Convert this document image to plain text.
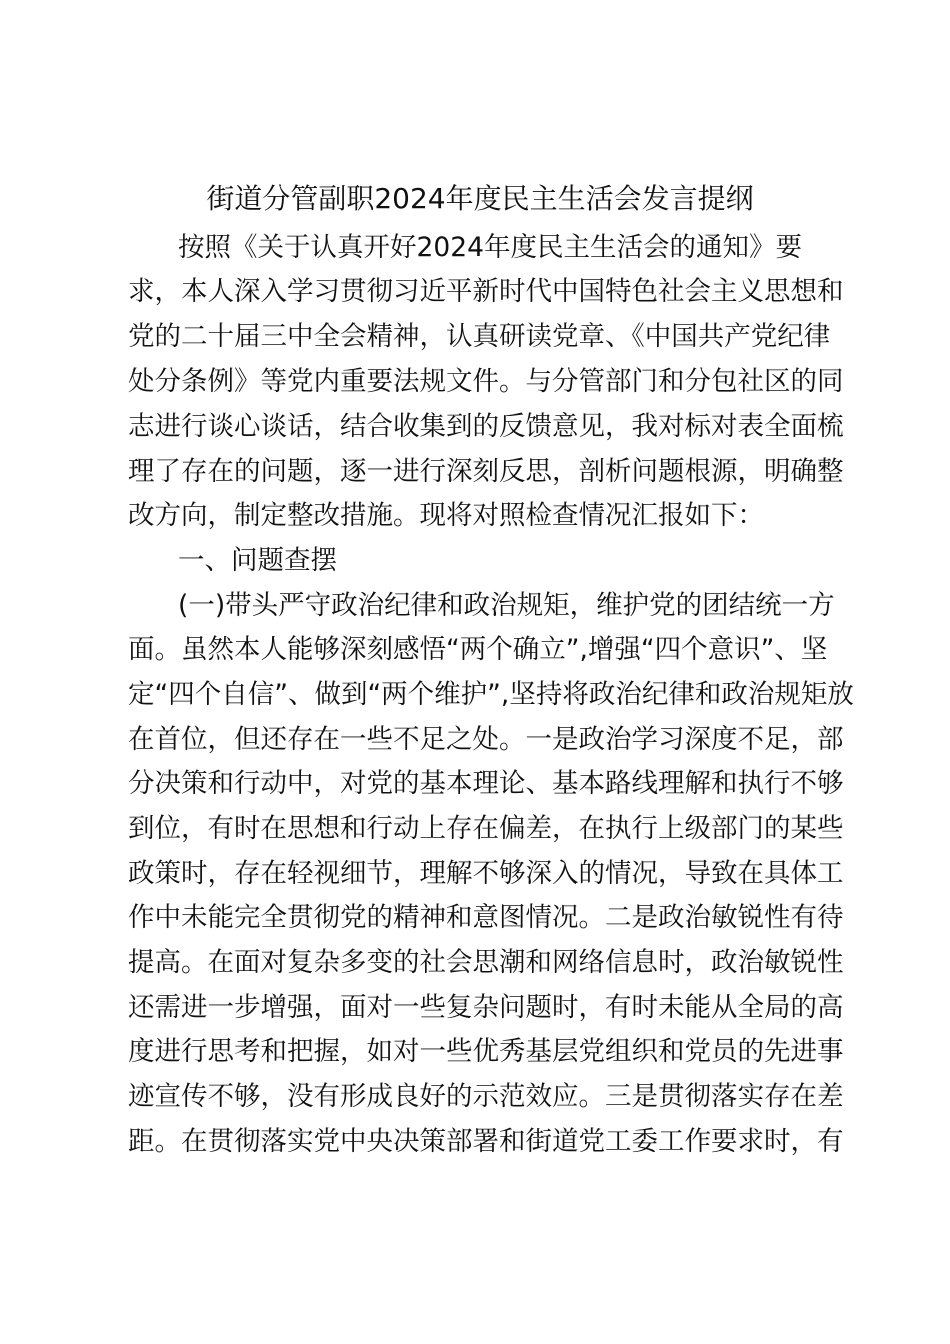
街道分管副职2024年度民主生活会发言提纲
按照《关于认真开好2024年度民主生活会的通知》要
求，本人深入学习贯彻习近平新时代中国特色社会主义思想和
党的二十届三中全会精神，认真研读党章、《中国共产党纪律
处分条例》等党内重要法规文件。与分管部门和分包社区的同
志进行谈心谈话，结合收集到的反馈意见，我对标对表全面梳
理了存在的问题，逐一进行深刻反思，剖析问题根源，明确整
改方向，制定整改措施。现将对照检查情况汇报如下：
一、问题查摆
(一)带头严守政治纪律和政治规矩，维护党的团结统一方
面。虽然本人能够深刻感悟“两个确立”,增强“四个意识”、坚
定“四个自信”、做到“两个维护”,坚持将政治纪律和政治规矩放
在首位，但还存在一些不足之处。一是政治学习深度不足，部
分决策和行动中，对党的基本理论、基本路线理解和执行不够
到位，有时在思想和行动上存在偏差，在执行上级部门的某些
政策时，存在轻视细节，理解不够深入的情况，导致在具体工
作中未能完全贯彻党的精神和意图情况。二是政治敏锐性有待
提高。在面对复杂多变的社会思潮和网络信息时，政治敏锐性
还需进一步增强，面对一些复杂问题时，有时未能从全局的高
度进行思考和把握，如对一些优秀基层党组织和党员的先进事
迹宣传不够，没有形成良好的示范效应。三是贯彻落实存在差
距。在贯彻落实党中央决策部署和街道党工委工作要求时，有
